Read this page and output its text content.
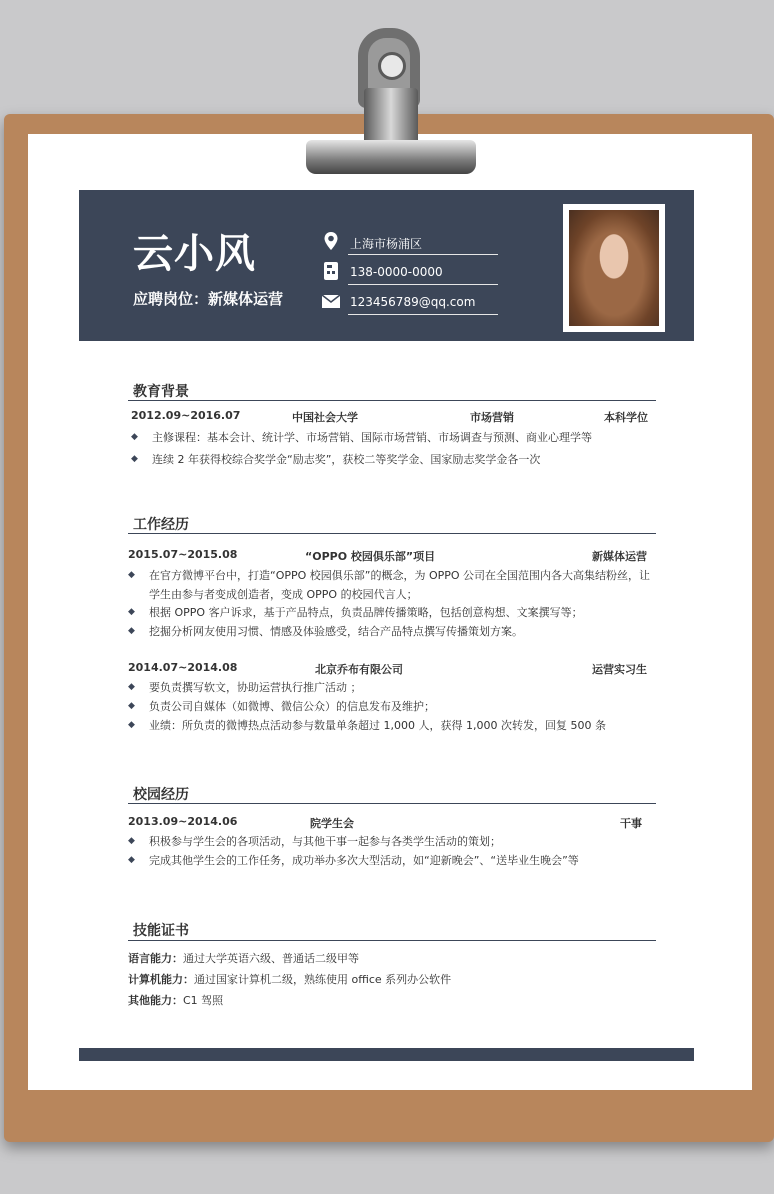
云小风
应聘岗位：新媒体运营
上海市杨浦区
138-0000-0000
123456789@qq.com
教育背景
2012.09~2016.07	中国社会大学	市场营销	本科学位
◆ 主修课程：基本会计、统计学、市场营销、国际市场营销、市场调查与预测、商业心理学等
◆ 连续 2 年获得校综合奖学金“励志奖”，获校二等奖学金、国家励志奖学金各一次
工作经历
2015.07~2015.08	“OPPO 校园俱乐部”项目	新媒体运营
◆ 在官方微博平台中，打造“OPPO 校园俱乐部”的概念，为 OPPO 公司在全国范围内各大高集结粉丝，让
学生由参与者变成创造者，变成 OPPO 的校园代言人；
◆ 根据 OPPO 客户诉求，基于产品特点，负责品牌传播策略，包括创意构想、文案撰写等；
◆ 挖掘分析网友使用习惯、情感及体验感受，结合产品特点撰写传播策划方案。
2014.07~2014.08	北京乔布有限公司	运营实习生
◆ 要负责撰写软文，协助运营执行推广活动 ；
◆ 负责公司自媒体（如微博、微信公众）的信息发布及维护；
◆ 业绩：所负责的微博热点活动参与数量单条超过 1,000 人，获得 1,000 次转发，回复 500 条
校园经历
2013.09~2014.06	院学生会	干事
◆ 积极参与学生会的各项活动，与其他干事一起参与各类学生活动的策划；
◆ 完成其他学生会的工作任务，成功举办多次大型活动，如“迎新晚会”、“送毕业生晚会”等
技能证书
语言能力：通过大学英语六级、普通话二级甲等
计算机能力：通过国家计算机二级，熟练使用 office 系列办公软件
其他能力：C1 驾照
